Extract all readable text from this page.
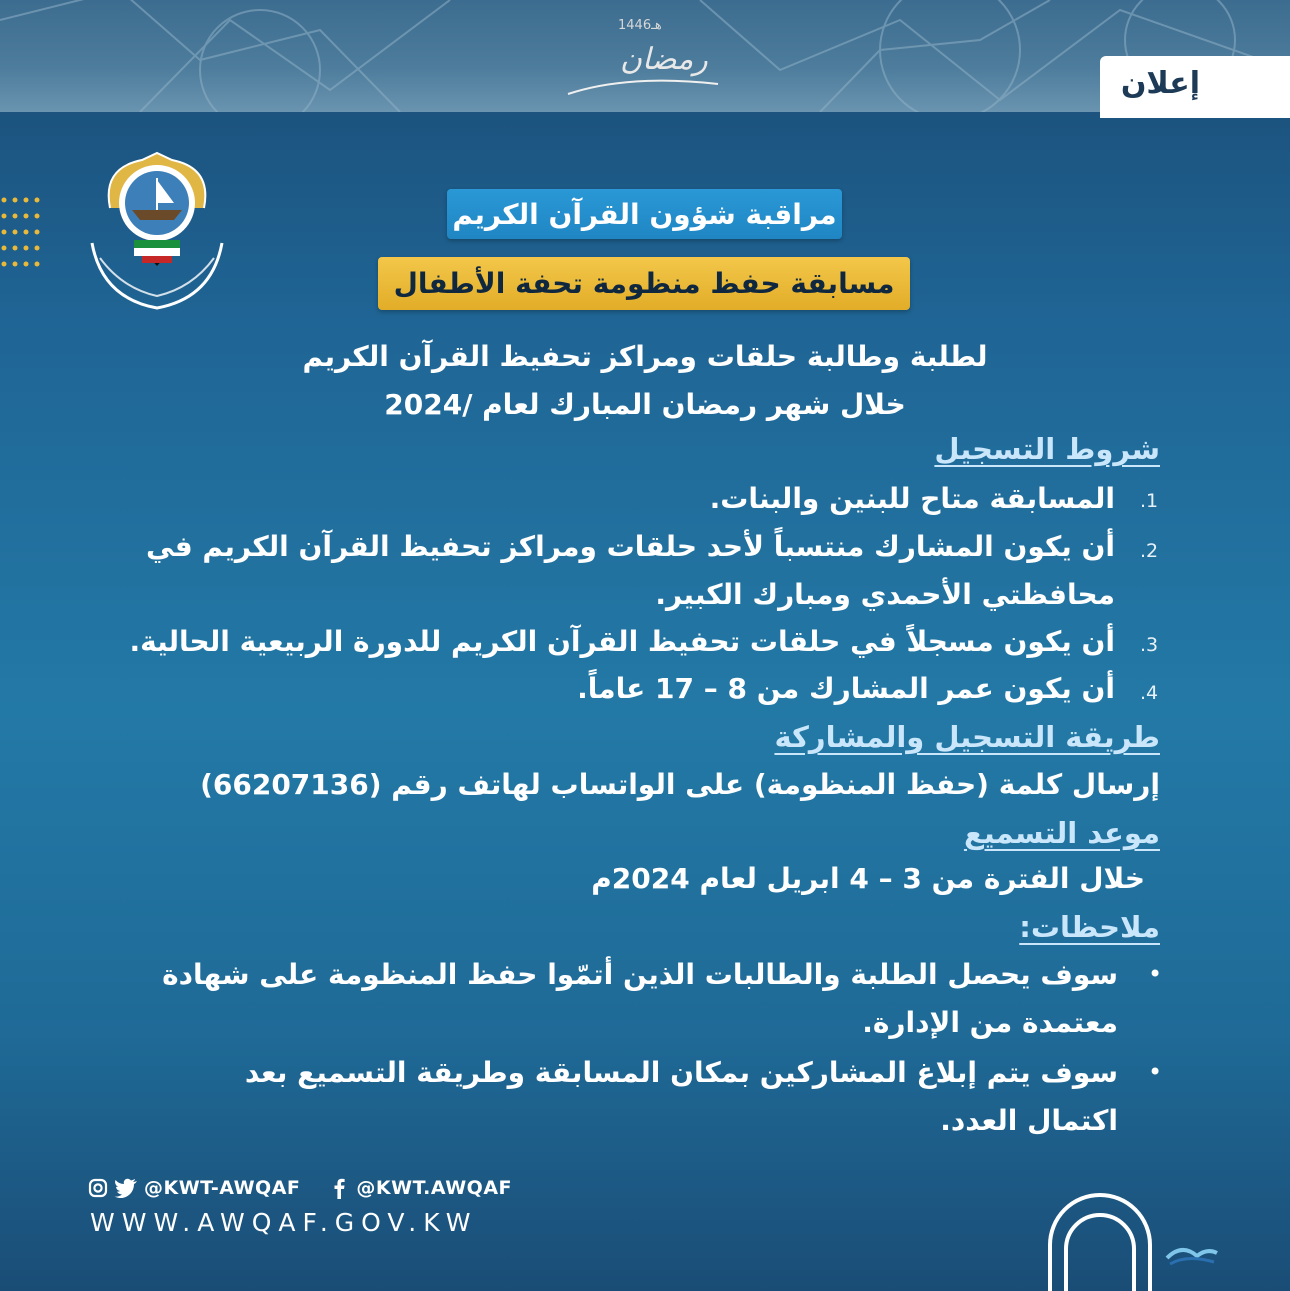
1446هـ
رمضان
إعلان
مراقبة شؤون القرآن الكريم
مسابقة حفظ منظومة تحفة الأطفال
لطلبة وطالبة حلقات ومراكز تحفيظ القرآن الكريم
خلال شهر رمضان المبارك لعام /2024
شروط التسجيل
.1
المسابقة متاح للبنين والبنات.
.2
أن يكون المشارك منتسباً لأحد حلقات ومراكز تحفيظ القرآن الكريم في
محافظتي الأحمدي ومبارك الكبير.
.3
أن يكون مسجلاً في حلقات تحفيظ القرآن الكريم للدورة الربيعية الحالية.
.4
أن يكون عمر المشارك من 8 – 17 عاماً.
طريقة التسجيل والمشاركة
إرسال كلمة (حفظ المنظومة) على الواتساب لهاتف رقم (66207136)
موعد التسميع
خلال الفترة من 3 – 4 ابريل لعام 2024م
ملاحظات:
•
سوف يحصل الطلبة والطالبات الذين أتمّوا حفظ المنظومة على شهادة
معتمدة من الإدارة.
•
سوف يتم إبلاغ المشاركين بمكان المسابقة وطريقة التسميع بعد
اكتمال العدد.
@KWT-AWQAF	@KWT.AWQAF
WWW.AWQAF.GOV.KW
